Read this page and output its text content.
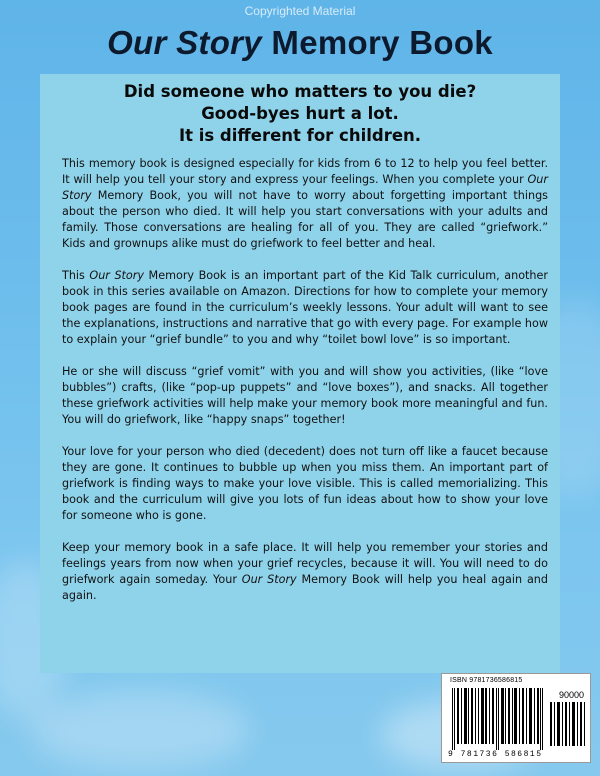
Copyrighted Material
Our Story Memory Book
Did someone who matters to you die?
Good-byes hurt a lot.
It is different for children.

This memory book is designed especially for kids from 6 to 12 to help you feel better. It will help you tell your story and express your feelings. When you complete your Our Story Memory Book, you will not have to worry about forgetting important things about the person who died. It will help you start conversations with your adults and family. Those conversations are healing for all of you. They are called “griefwork.” Kids and grownups alike must do griefwork to feel better and heal.

This Our Story Memory Book is an important part of the Kid Talk curriculum, another book in this series available on Amazon. Directions for how to complete your memory book pages are found in the curriculum’s weekly lessons. Your adult will want to see the explanations, instructions and narrative that go with every page. For example how to explain your “grief bundle” to you and why “toilet bowl love” is so important.

He or she will discuss “grief vomit” with you and will show you activities, (like “love bubbles”) crafts, (like “pop-up puppets” and “love boxes”), and snacks. All together these griefwork activities will help make your memory book more meaningful and fun. You will do griefwork, like “happy snaps” together!

Your love for your person who died (decedent) does not turn off like a faucet because they are gone. It continues to bubble up when you miss them. An important part of griefwork is finding ways to make your love visible. This is called memorializing. This book and the curriculum will give you lots of fun ideas about how to show your love for someone who is gone.

Keep your memory book in a safe place. It will help you remember your stories and feelings years from now when your grief recycles, because it will. You will need to do griefwork again someday. Your Our Story Memory Book will help you heal again and again.

ISBN 9781736586815
90000
9 781736 586815
